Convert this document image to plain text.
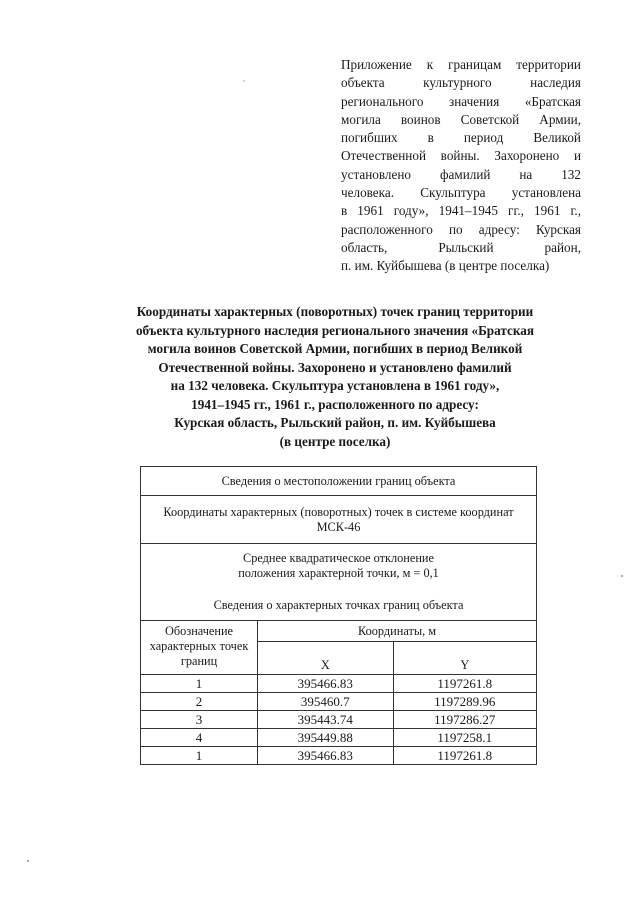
Приложение к границам территории
объекта культурного наследия
регионального значения «Братская
могила воинов Советской Армии,
погибших в период Великой
Отечественной войны. Захоронено и
установлено фамилий на 132
человека. Скульптура установлена
в 1961 году», 1941–1945 гг., 1961 г.,
расположенного по адресу: Курская
область, Рыльский район,
п. им. Куйбышева (в центре поселка)
Координаты характерных (поворотных) точек границ территории
объекта культурного наследия регионального значения «Братская
могила воинов Советской Армии, погибших в период Великой
Отечественной войны. Захоронено и установлено фамилий
на 132 человека. Скульптура установлена в 1961 году»,
1941–1945 гг., 1961 г., расположенного по адресу:
Курская область, Рыльский район, п. им. Куйбышева
(в центре поселка)
Сведения о местоположении границ объекта		

Координаты характерных (поворотных) точек в системе координат
МСК-46		

Среднее квадратическое отклонение
положения характерной точки, м = 0,1
Сведения о характерных точках границ объекта		

Обозначение
характерных точек
границ	Координаты, м	
	X	Y
1	395466.83	1197261.8
2	395460.7	1197289.96
3	395443.74	1197286.27
4	395449.88	1197258.1
1	395466.83	1197261.8
